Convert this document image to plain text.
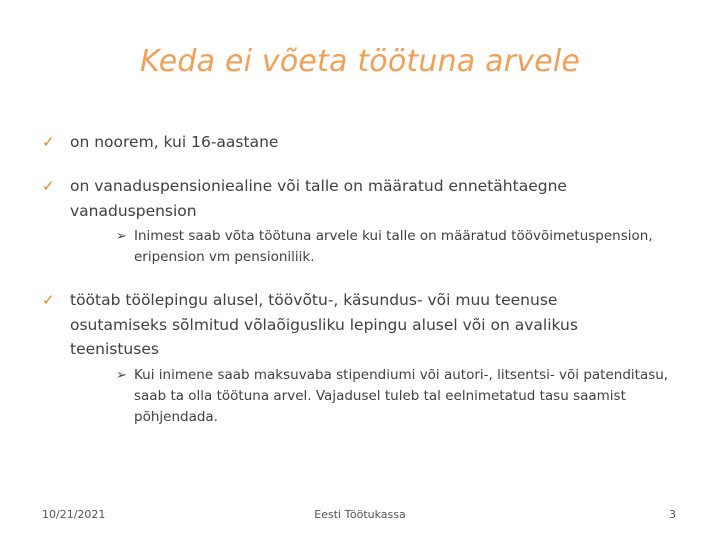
Keda ei võeta töötuna arvele
✓ on noorem, kui 16-aastane
✓ on vanaduspensioniealine või talle on määratud ennetähtaegne vanaduspension
➢ Inimest saab võta töötuna arvele kui talle on määratud töövõimetuspension, eripension vm pensioniliik.
✓ töötab töölepingu alusel, töövõtu-, käsundus- või muu teenuse osutamiseks sõlmitud võlaõigusliku lepingu alusel või on avalikus teenistuses
➢ Kui inimene saab maksuvaba stipendiumi või autori-, litsentsi- või patenditasu, saab ta olla töötuna arvel. Vajadusel tuleb tal eelnimetatud tasu saamist põhjendada.
10/21/2021	Eesti Töötukassa	3
